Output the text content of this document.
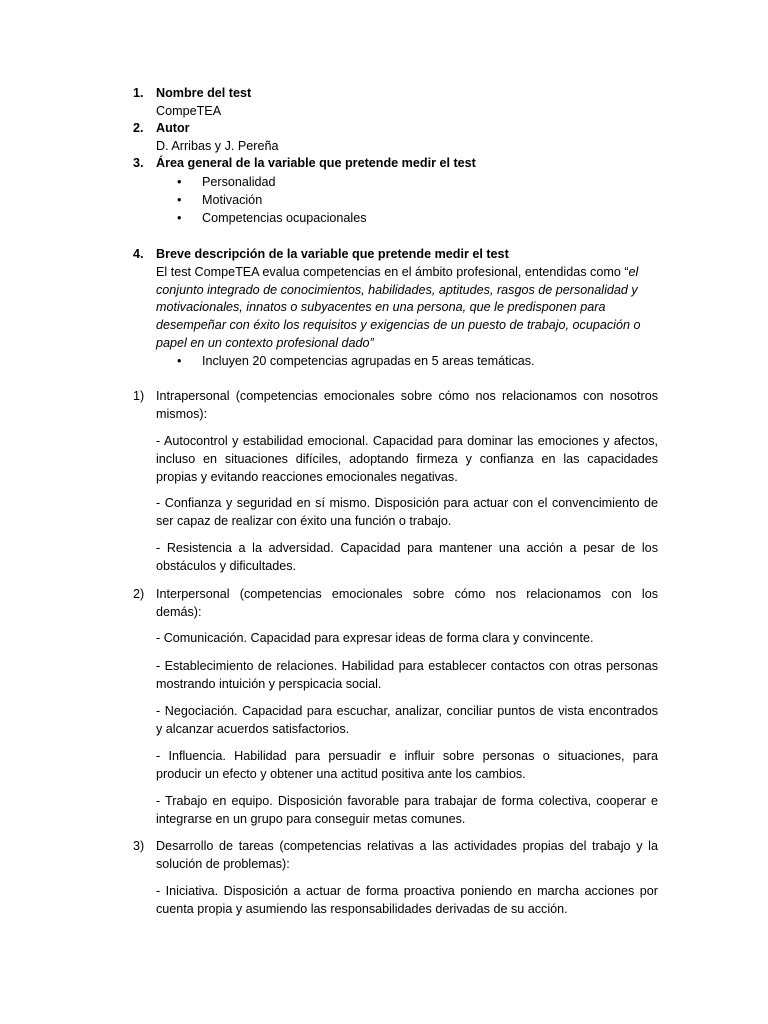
1. Nombre del test
CompeTEA
2. Autor
D. Arribas y J. Pereña
3. Área general de la variable que pretende medir el test
• Personalidad
• Motivación
• Competencias ocupacionales
4. Breve descripción de la variable que pretende medir el test
El test CompeTEA evalua competencias en el ámbito profesional, entendidas como “el
conjunto integrado de conocimientos, habilidades, aptitudes, rasgos de personalidad y
motivacionales, innatos o subyacentes en una persona, que le predisponen para
desempeñar con éxito los requisitos y exigencias de un puesto de trabajo, ocupación o
papel en un contexto profesional dado”
• Incluyen 20 competencias agrupadas en 5 areas temáticas.
1) Intrapersonal (competencias emocionales sobre cómo nos relacionamos con nosotros
mismos):
- Autocontrol y estabilidad emocional. Capacidad para dominar las emociones y afectos,
incluso en situaciones difíciles, adoptando firmeza y confianza en las capacidades
propias y evitando reacciones emocionales negativas.
- Confianza y seguridad en sí mismo. Disposición para actuar con el convencimiento de
ser capaz de realizar con éxito una función o trabajo.
- Resistencia a la adversidad. Capacidad para mantener una acción a pesar de los
obstáculos y dificultades.
2) Interpersonal (competencias emocionales sobre cómo nos relacionamos con los
demás):
- Comunicación. Capacidad para expresar ideas de forma clara y convincente.
- Establecimiento de relaciones. Habilidad para establecer contactos con otras personas
mostrando intuición y perspicacia social.
- Negociación. Capacidad para escuchar, analizar, conciliar puntos de vista encontrados
y alcanzar acuerdos satisfactorios.
- Influencia. Habilidad para persuadir e influir sobre personas o situaciones, para
producir un efecto y obtener una actitud positiva ante los cambios.
- Trabajo en equipo. Disposición favorable para trabajar de forma colectiva, cooperar e
integrarse en un grupo para conseguir metas comunes.
3) Desarrollo de tareas (competencias relativas a las actividades propias del trabajo y la
solución de problemas):
- Iniciativa. Disposición a actuar de forma proactiva poniendo en marcha acciones por
cuenta propia y asumiendo las responsabilidades derivadas de su acción.
